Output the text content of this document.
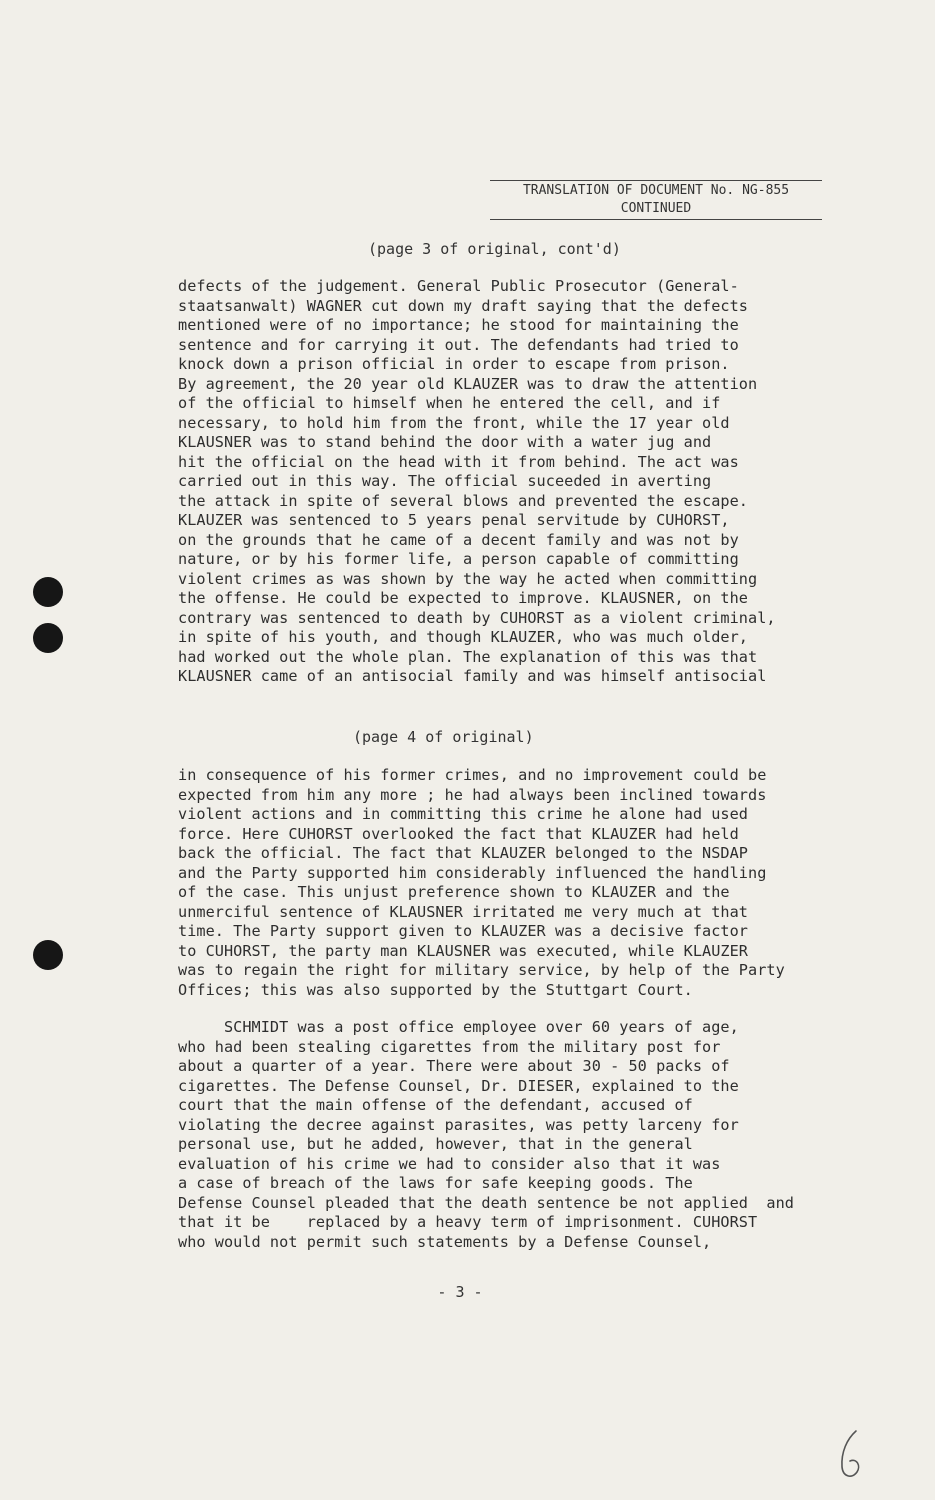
TRANSLATION OF DOCUMENT No. NG-855
CONTINUED
(page 3 of original, cont'd)
defects of the judgement. General Public Prosecutor (General-
staatsanwalt) WAGNER cut down my draft saying that the defects
mentioned were of no importance; he stood for maintaining the
sentence and for carrying it out. The defendants had tried to
knock down a prison official in order to escape from prison.
By agreement, the 20 year old KLAUZER was to draw the attention
of the official to himself when he entered the cell, and if
necessary, to hold him from the front, while the 17 year old
KLAUSNER was to stand behind the door with a water jug and
hit the official on the head with it from behind. The act was
carried out in this way. The official suceeded in averting
the attack in spite of several blows and prevented the escape.
KLAUZER was sentenced to 5 years penal servitude by CUHORST,
on the grounds that he came of a decent family and was not by
nature, or by his former life, a person capable of committing
violent crimes as was shown by the way he acted when committing
the offense. He could be expected to improve. KLAUSNER, on the
contrary was sentenced to death by CUHORST as a violent criminal,
in spite of his youth, and though KLAUZER, who was much older,
had worked out the whole plan. The explanation of this was that
KLAUSNER came of an antisocial family and was himself antisocial
(page 4 of original)
in consequence of his former crimes, and no improvement could be
expected from him any more ; he had always been inclined towards
violent actions and in committing this crime he alone had used
force. Here CUHORST overlooked the fact that KLAUZER had held
back the official. The fact that KLAUZER belonged to the NSDAP
and the Party supported him considerably influenced the handling
of the case. This unjust preference shown to KLAUZER and the
unmerciful sentence of KLAUSNER irritated me very much at that
time. The Party support given to KLAUZER was a decisive factor
to CUHORST, the party man KLAUSNER was executed, while KLAUZER
was to regain the right for military service, by help of the Party
Offices; this was also supported by the Stuttgart Court.
SCHMIDT was a post office employee over 60 years of age,
who had been stealing cigarettes from the military post for
about a quarter of a year. There were about 30 - 50 packs of
cigarettes. The Defense Counsel, Dr. DIESER, explained to the
court that the main offense of the defendant, accused of
violating the decree against parasites, was petty larceny for
personal use, but he added, however, that in the general
evaluation of his crime we had to consider also that it was
a case of breach of the laws for safe keeping goods. The
Defense Counsel pleaded that the death sentence be not applied  and
that it be    replaced by a heavy term of imprisonment. CUHORST
who would not permit such statements by a Defense Counsel,
- 3 -
